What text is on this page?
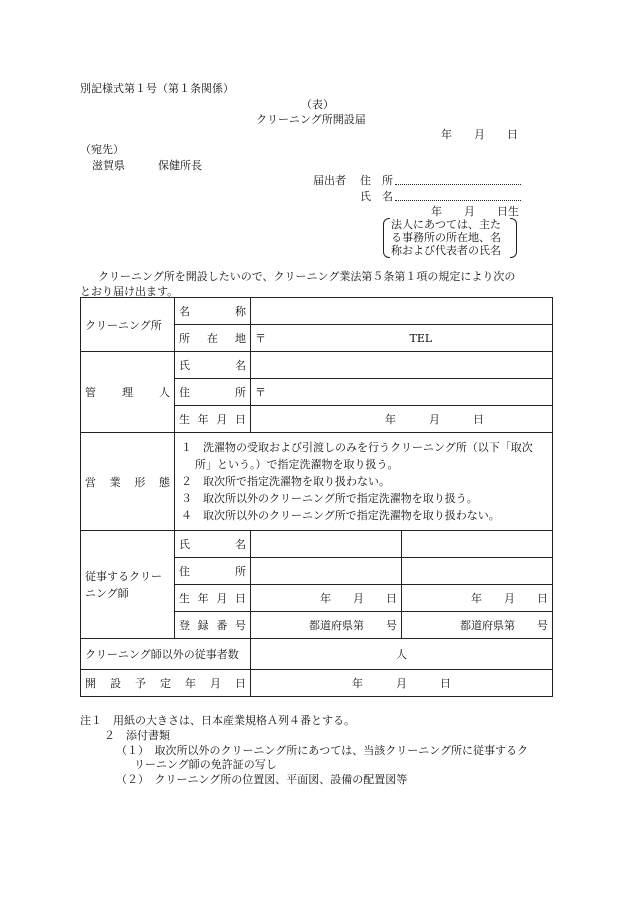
別記様式第１号（第１条関係）
（表）
クリーニング所開設届
年　　月　　日
（宛先）
滋賀県　　　保健所長
届出者 住　所
氏　名
年　　月　　日生
法人にあつては、主た
る事務所の所在地、名
称および代表者の氏名
クリーニング所を開設したいので、クリーニング業法第５条第１項の規定により次の
とおり届け出ます。
クリーニング所	名　　　称		
	所　在　地	〒 TEL	
管　　理　　人	氏　　　名		
	住　　　所	〒	
	生 年 月 日	年　　　月　　　日	
営　業　形　態	１　洗濯物の受取および引渡しのみを行うクリーニング所（以下「取次所」という。）で指定洗濯物を取り扱う。
２　取次所で指定洗濯物を取り扱わない。
３　取次所以外のクリーニング所で指定洗濯物を取り扱う。
４　取次所以外のクリーニング所で指定洗濯物を取り扱わない。		

従事するクリーニング師	氏　　　名		
	住　　　所		
	生 年 月 日	年　　月　　日	年　　月　　日
	登 録 番 号	都道府県第　　号	都道府県第　　号
クリーニング師以外の従事者数		人	
開　設　予　定　年　月　日		年　　　月　　　日	
注１　用紙の大きさは、日本産業規格Ａ列４番とする。
２　添付書類
（１）　取次所以外のクリーニング所にあつては、当該クリーニング所に従事するク
リーニング師の免許証の写し
（２）　クリーニング所の位置図、平面図、設備の配置図等
